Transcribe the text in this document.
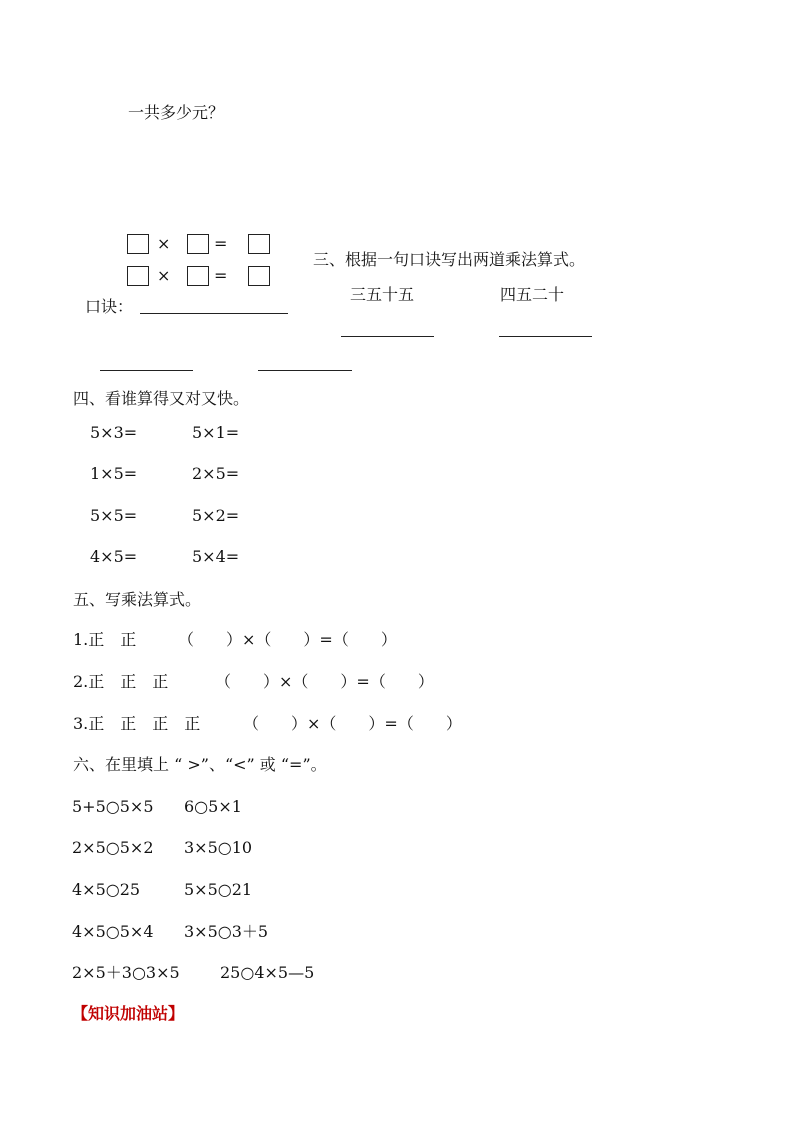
一共多少元？
×	=
×	=
口诀：
三、根据一句口诀写出两道乘法算式。
三五十五	四五二十
四、看谁算得又对又快。
5×3=	5×1=
1×5=	2×5=
5×5=	5×2=
4×5=	5×4=
五、写乘法算式。
1.正　正	（　　）×（　　）=（　　）
2.正　正　正	（　　）×（　　）=（　　）
3.正　正　正　正	（　　）×（　　）=（　　）
六、在里填上 “ >”、“<” 或 “=”。
5+5○5×5 6○5×1
2×5○5×2 3×5○10
4×5○25	5×5○21
4×5○5×4 3×5○3＋5
2×5＋3○3×5	25○4×5—5
【知识加油站】
